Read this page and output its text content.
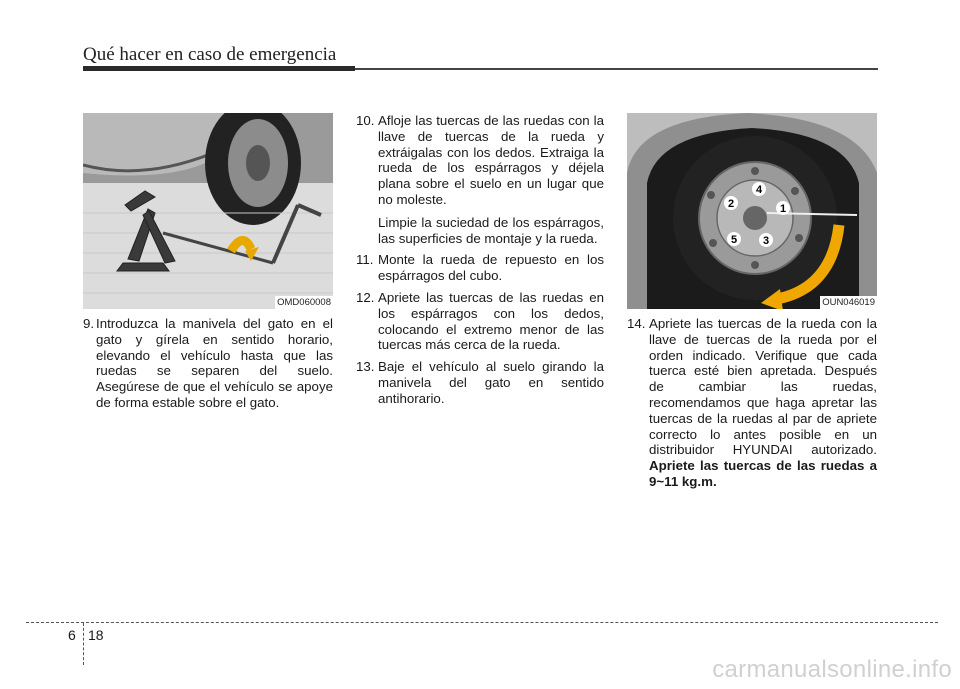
Qué hacer en caso de emergencia
OMD060008
1
2
3
4
5
OUN046019
9. Introduzca la manivela del gato en el gato y gírela en sentido horario, elevando el vehículo hasta que las ruedas se separen del suelo. Asegúrese de que el vehículo se apoye de forma estable sobre el gato.

10. Afloje las tuercas de las ruedas con la llave de tuercas de la rueda y extráigalas con los dedos. Extraiga la rueda de los espárragos y déjela plana sobre el suelo en un lugar que no moleste.

Limpie la suciedad de los espárragos, las superficies de montaje y la rueda.

11. Monte la rueda de repuesto en los espárragos del cubo.

12. Apriete las tuercas de las ruedas en los espárragos con los dedos, colocando el extremo menor de las tuercas más cerca de la rueda.

13. Baje el vehículo al suelo girando la manivela del gato en sentido antihorario.

14. Apriete las tuercas de la rueda con la llave de tuercas de la rueda por el orden indicado. Verifique que cada tuerca esté bien apretada. Después de cambiar las ruedas, recomendamos que haga apretar las tuercas de la ruedas al par de apriete correcto lo antes posible en un distribuidor HYUNDAI autorizado. Apriete las tuercas de las ruedas a 9~11 kg.m.

6 18
carmanualsonline.info
